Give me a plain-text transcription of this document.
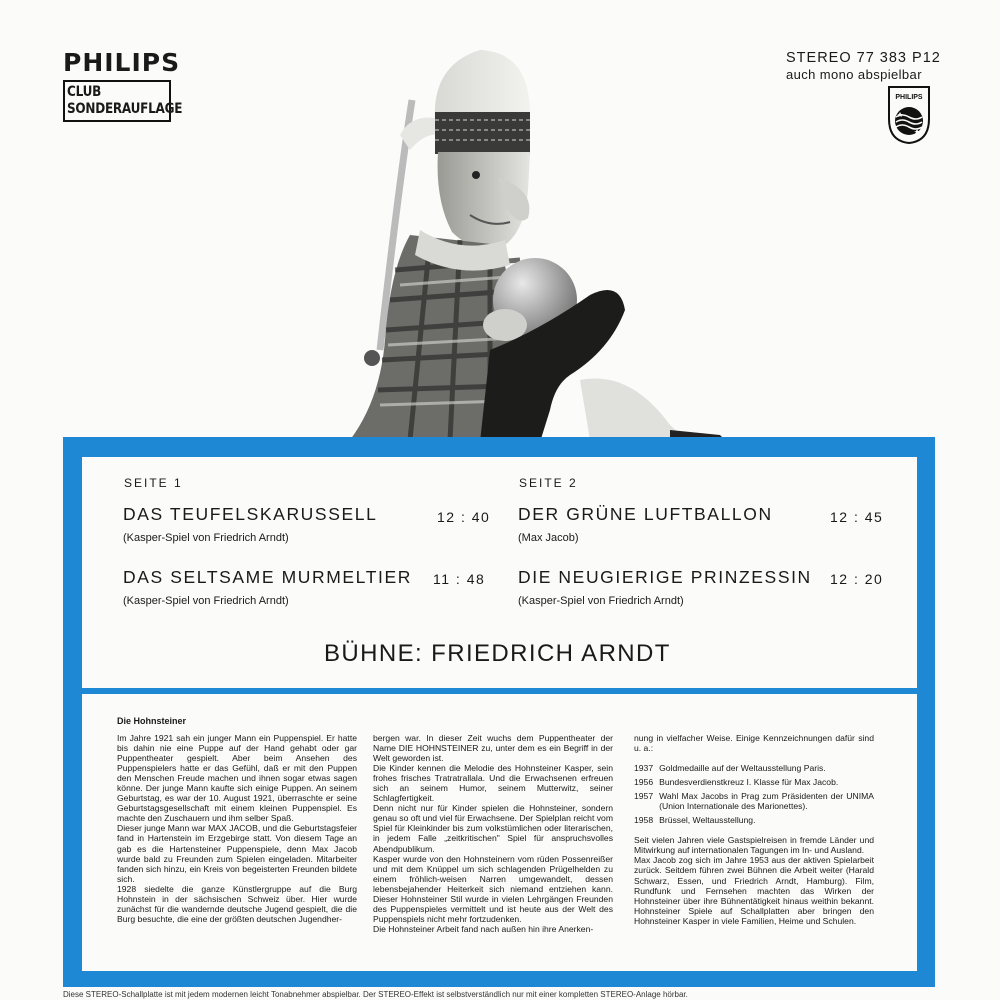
PHILIPS
CLUB
SONDERAUFLAGE
STEREO 77 383 P12
auch mono abspielbar
PHILIPS
SEITE 1
DAS TEUFELSKARUSSELL	12 : 40
(Kasper-Spiel von Friedrich Arndt)
DAS SELTSAME MURMELTIER 11 : 48
(Kasper-Spiel von Friedrich Arndt)
SEITE 2
DER GRÜNE LUFTBALLON	12 : 45
(Max Jacob)
DIE NEUGIERIGE PRINZESSIN 12 : 20
(Kasper-Spiel von Friedrich Arndt)
BÜHNE: FRIEDRICH ARNDT
Die Hohnsteiner

Im Jahre 1921 sah ein junger Mann ein Puppenspiel. Er hatte bis dahin nie eine Puppe auf der Hand gehabt oder gar Puppentheater gespielt. Aber beim Ansehen des Puppenspielers hatte er das Gefühl, daß er mit den Puppen den Menschen Freude machen und ihnen sogar etwas sagen könne. Der junge Mann kaufte sich einige Puppen. An seinem Geburtstag, es war der 10. August 1921, überraschte er seine Geburtstagsgesellschaft mit einem kleinen Puppenspiel. Es machte den Zuschauern und ihm selber Spaß.

Dieser junge Mann war MAX JACOB, und die Geburtstagsfeier fand in Hartenstein im Erzgebirge statt. Von diesem Tage an gab es die Hartensteiner Puppenspiele, denn Max Jacob wurde bald zu Freunden zum Spielen eingeladen. Mitarbeiter fanden sich hinzu, ein Kreis von begeisterten Freunden bildete sich.

1928 siedelte die ganze Künstlergruppe auf die Burg Hohnstein in der sächsischen Schweiz über. Hier wurde zunächst für die wandernde deutsche Jugend gespielt, die die Burg besuchte, die eine der größten deutschen Jugendher-

bergen war. In dieser Zeit wuchs dem Puppentheater der Name DIE HOHNSTEINER zu, unter dem es ein Begriff in der Welt geworden ist.

Die Kinder kennen die Melodie des Hohnsteiner Kasper, sein frohes frisches Tratratrallala. Und die Erwachsenen erfreuen sich an seinem Humor, seinem Mutterwitz, seiner Schlagfertigkeit.

Denn nicht nur für Kinder spielen die Hohnsteiner, sondern genau so oft und viel für Erwachsene. Der Spielplan reicht vom Spiel für Kleinkinder bis zum volkstümlichen oder literarischen, in jedem Falle „zeitkritischen" Spiel für anspruchsvolles Abendpublikum.

Kasper wurde von den Hohnsteinern vom rüden Possenreißer und mit dem Knüppel um sich schlagenden Prügelhelden zu einem fröhlich-weisen Narren umgewandelt, dessen lebensbejahender Heiterkeit sich niemand entziehen kann. Dieser Hohnsteiner Stil wurde in vielen Lehrgängen Freunden des Puppenspieles vermittelt und ist heute aus der Welt des Puppenspiels nicht mehr fortzudenken.

Die Hohnsteiner Arbeit fand nach außen hin ihre Anerken-

nung in vielfacher Weise. Einige Kennzeichnungen dafür sind u. a.:

1937 Goldmedaille auf der Weltausstellung Paris.
1956 Bundesverdienstkreuz I. Klasse für Max Jacob.
1957 Wahl Max Jacobs in Prag zum Präsidenten der UNIMA (Union Internationale des Marionettes).
1958 Brüssel, Weltausstellung.

Seit vielen Jahren viele Gastspielreisen in fremde Länder und Mitwirkung auf internationalen Tagungen im In- und Ausland.

Max Jacob zog sich im Jahre 1953 aus der aktiven Spielarbeit zurück. Seitdem führen zwei Bühnen die Arbeit weiter (Harald Schwarz, Essen, und Friedrich Arndt, Hamburg). Film, Rundfunk und Fernsehen machten das Wirken der Hohnsteiner über ihre Bühnentätigkeit hinaus weithin bekannt. Hohnsteiner Spiele auf Schallplatten aber bringen den Hohnsteiner Kasper in viele Familien, Heime und Schulen.

Diese STEREO-Schallplatte ist mit jedem modernen leicht Tonabnehmer abspielbar. Der STEREO-Effekt ist selbstverständlich nur mit einer kompletten STEREO-Anlage hörbar.
